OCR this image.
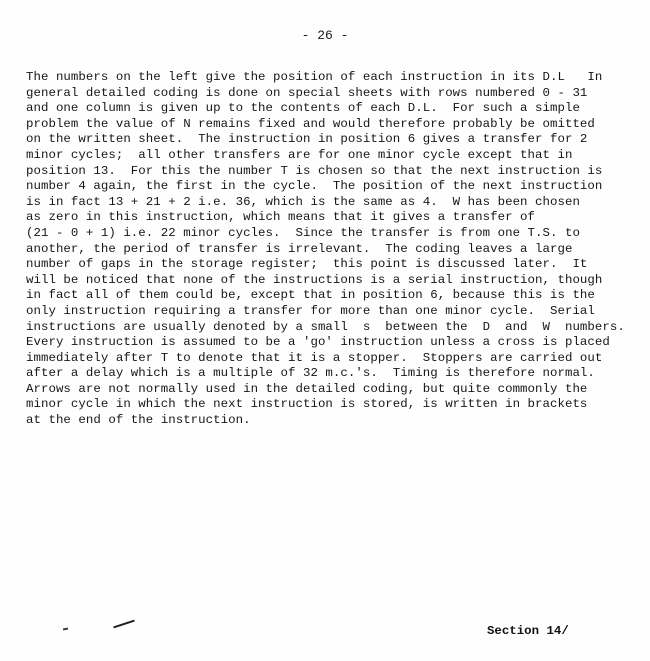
- 26 -
The numbers on the left give the position of each instruction in its D.L   In
general detailed coding is done on special sheets with rows numbered 0 - 31
and one column is given up to the contents of each D.L.  For such a simple
problem the value of N remains fixed and would therefore probably be omitted
on the written sheet.  The instruction in position 6 gives a transfer for 2
minor cycles;  all other transfers are for one minor cycle except that in
position 13.  For this the number T is chosen so that the next instruction is
number 4 again, the first in the cycle.  The position of the next instruction
is in fact 13 + 21 + 2 i.e. 36, which is the same as 4.  W has been chosen
as zero in this instruction, which means that it gives a transfer of
(21 - 0 + 1) i.e. 22 minor cycles.  Since the transfer is from one T.S. to
another, the period of transfer is irrelevant.  The coding leaves a large
number of gaps in the storage register;  this point is discussed later.  It
will be noticed that none of the instructions is a serial instruction, though
in fact all of them could be, except that in position 6, because this is the
only instruction requiring a transfer for more than one minor cycle.  Serial
instructions are usually denoted by a small  s  between the  D  and  W  numbers.
Every instruction is assumed to be a 'go' instruction unless a cross is placed
immediately after T to denote that it is a stopper.  Stoppers are carried out
after a delay which is a multiple of 32 m.c.'s.  Timing is therefore normal.
Arrows are not normally used in the detailed coding, but quite commonly the
minor cycle in which the next instruction is stored, is written in brackets
at the end of the instruction.
Section 14/
